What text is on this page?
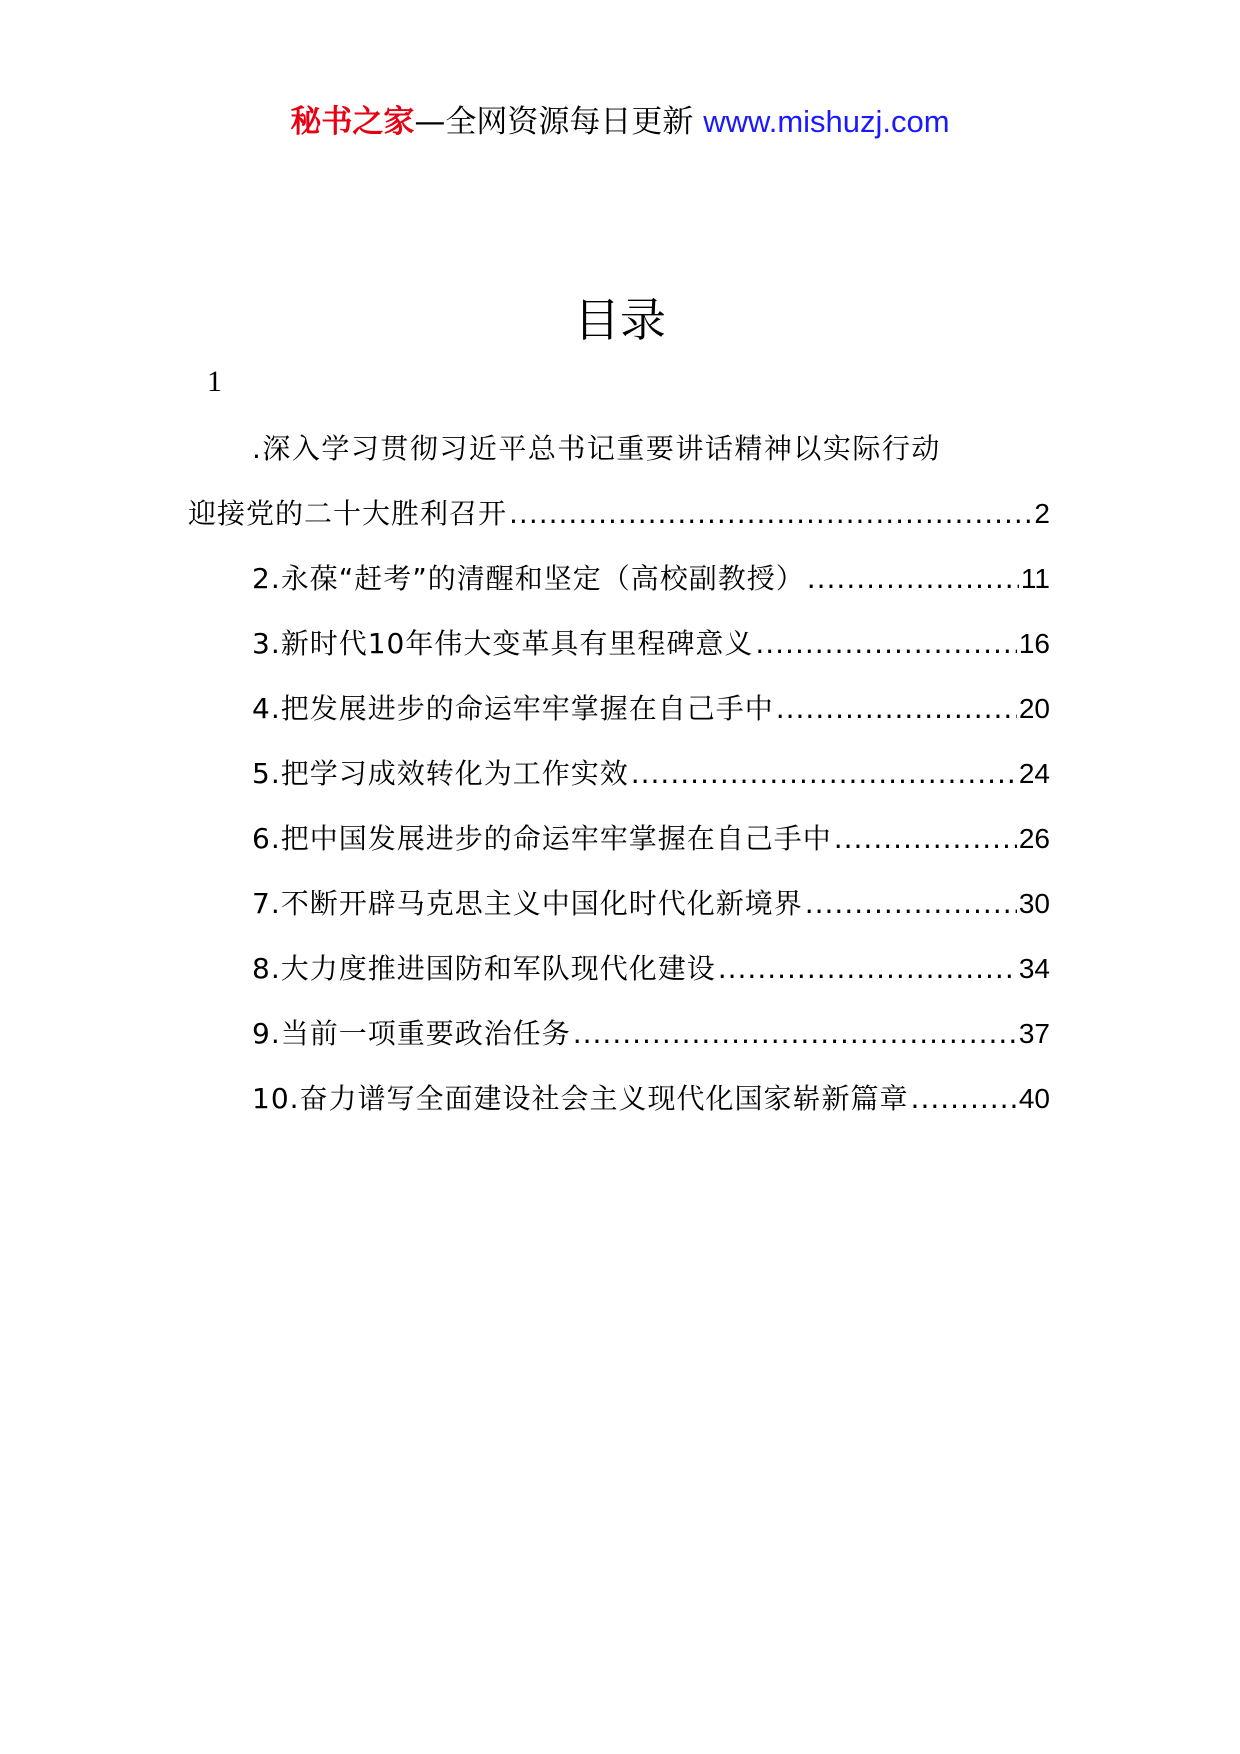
秘书之家—全网资源每日更新 www.mishuzj.com
目录
1
.深入学习贯彻习近平总书记重要讲话精神以实际行动
迎接党的二十大胜利召开 .....	2
2.永葆“赶考”的清醒和坚定（高校副教授） .....	11
3.新时代10年伟大变革具有里程碑意义 .....	16
4.把发展进步的命运牢牢掌握在自己手中 .....	20
5.把学习成效转化为工作实效 .....	24
6.把中国发展进步的命运牢牢掌握在自己手中 .....	26
7.不断开辟马克思主义中国化时代化新境界 .....	30
8.大力度推进国防和军队现代化建设 .....	34
9.当前一项重要政治任务 .....	37
10.奋力谱写全面建设社会主义现代化国家崭新篇章 .....	40
